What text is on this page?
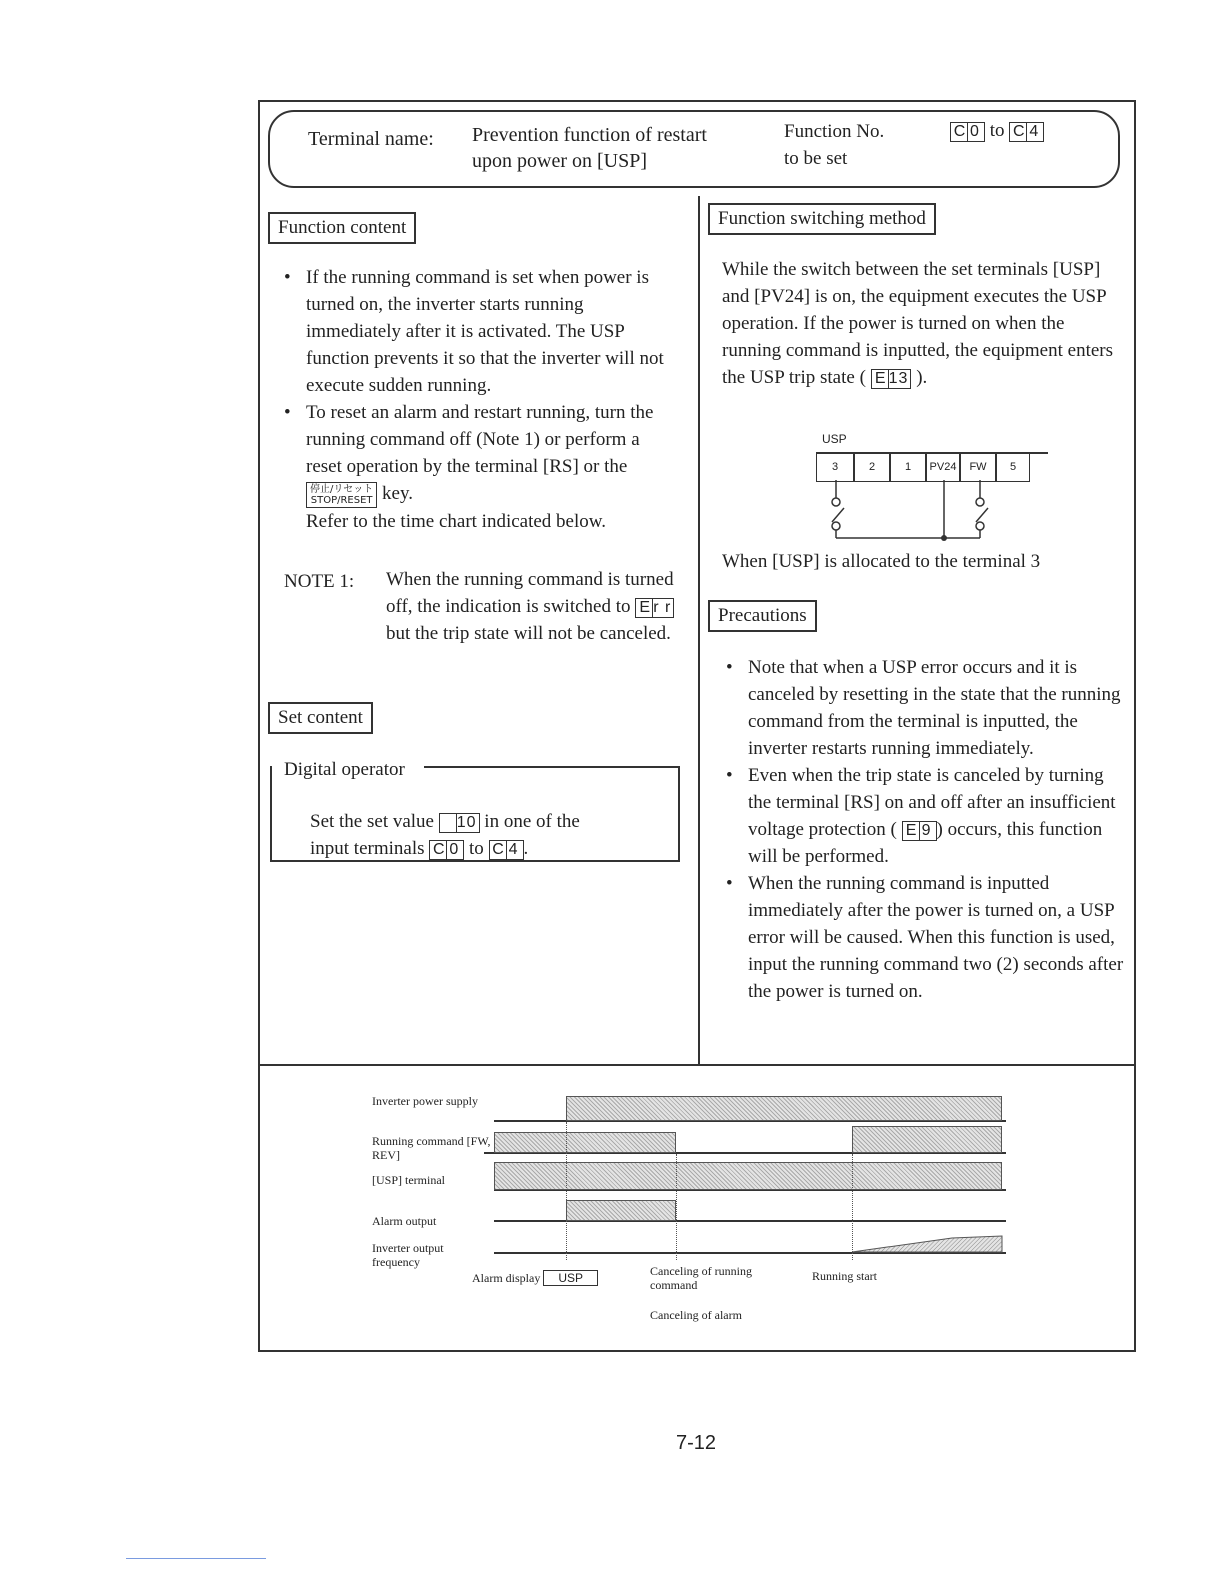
Terminal name: Prevention function of restart
upon power on [USP]
Function No.
to be set
C 0 to C 4
Function content
• If the running command is set when power is turned on, the inverter starts running immediately after it is activated. The USP function prevents it so that the inverter will not execute sudden running.
• To reset an alarm and restart running, turn the running command off (Note 1) or perform a reset operation by the terminal [RS] or the 停止/リセット
STOP/RESET key.
Refer to the time chart indicated below.
NOTE 1: When the running command is turned off, the indication is switched to E r r but the trip state will not be canceled.
Set content
Digital operator
Set the set value 10 in one of the
input terminals C 0 to C 4 .
Function switching method
While the switch between the set terminals [USP] and [PV24] is on, the equipment executes the USP operation. If the power is turned on when the running command is inputted, the equipment enters the USP trip state ( E 13 ).
USP
3	2	1	PV24	FW	5
When [USP] is allocated to the terminal 3
Precautions
• Note that when a USP error occurs and it is canceled by resetting in the state that the running command from the terminal is inputted, the inverter restarts running immediately.
• Even when the trip state is canceled by turning the terminal [RS] on and off after an insufficient voltage protection ( E 9 ) occurs, this function will be performed.
• When the running command is inputted immediately after the power is turned on, a USP error will be caused. When this function is used, input the running command two (2) seconds after the power is turned on.
Inverter power supply
Running command [FW, REV]
[USP] terminal
Alarm output
Inverter output frequency
Alarm display USP	Canceling of running command
Running start
Canceling of alarm
7-12
